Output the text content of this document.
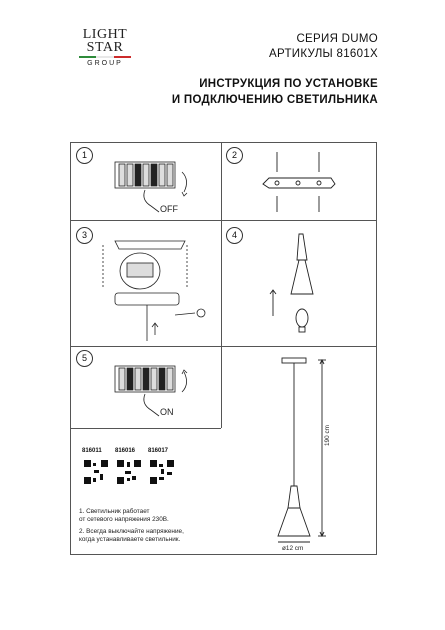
LIGHT
STAR
GROUP
СЕРИЯ DUMO
АРТИКУЛЫ 81601X
ИНСТРУКЦИЯ ПО УСТАНОВКЕ
И ПОДКЛЮЧЕНИЮ СВЕТИЛЬНИКА
1	2
3	4
5
OFF
ON
816011 816016 816017
1. Светильник работает
от сетевого напряжения 230В.
2. Всегда выключайте напряжение,
когда устанавливаете светильник.
190 cm
ø12 cm
